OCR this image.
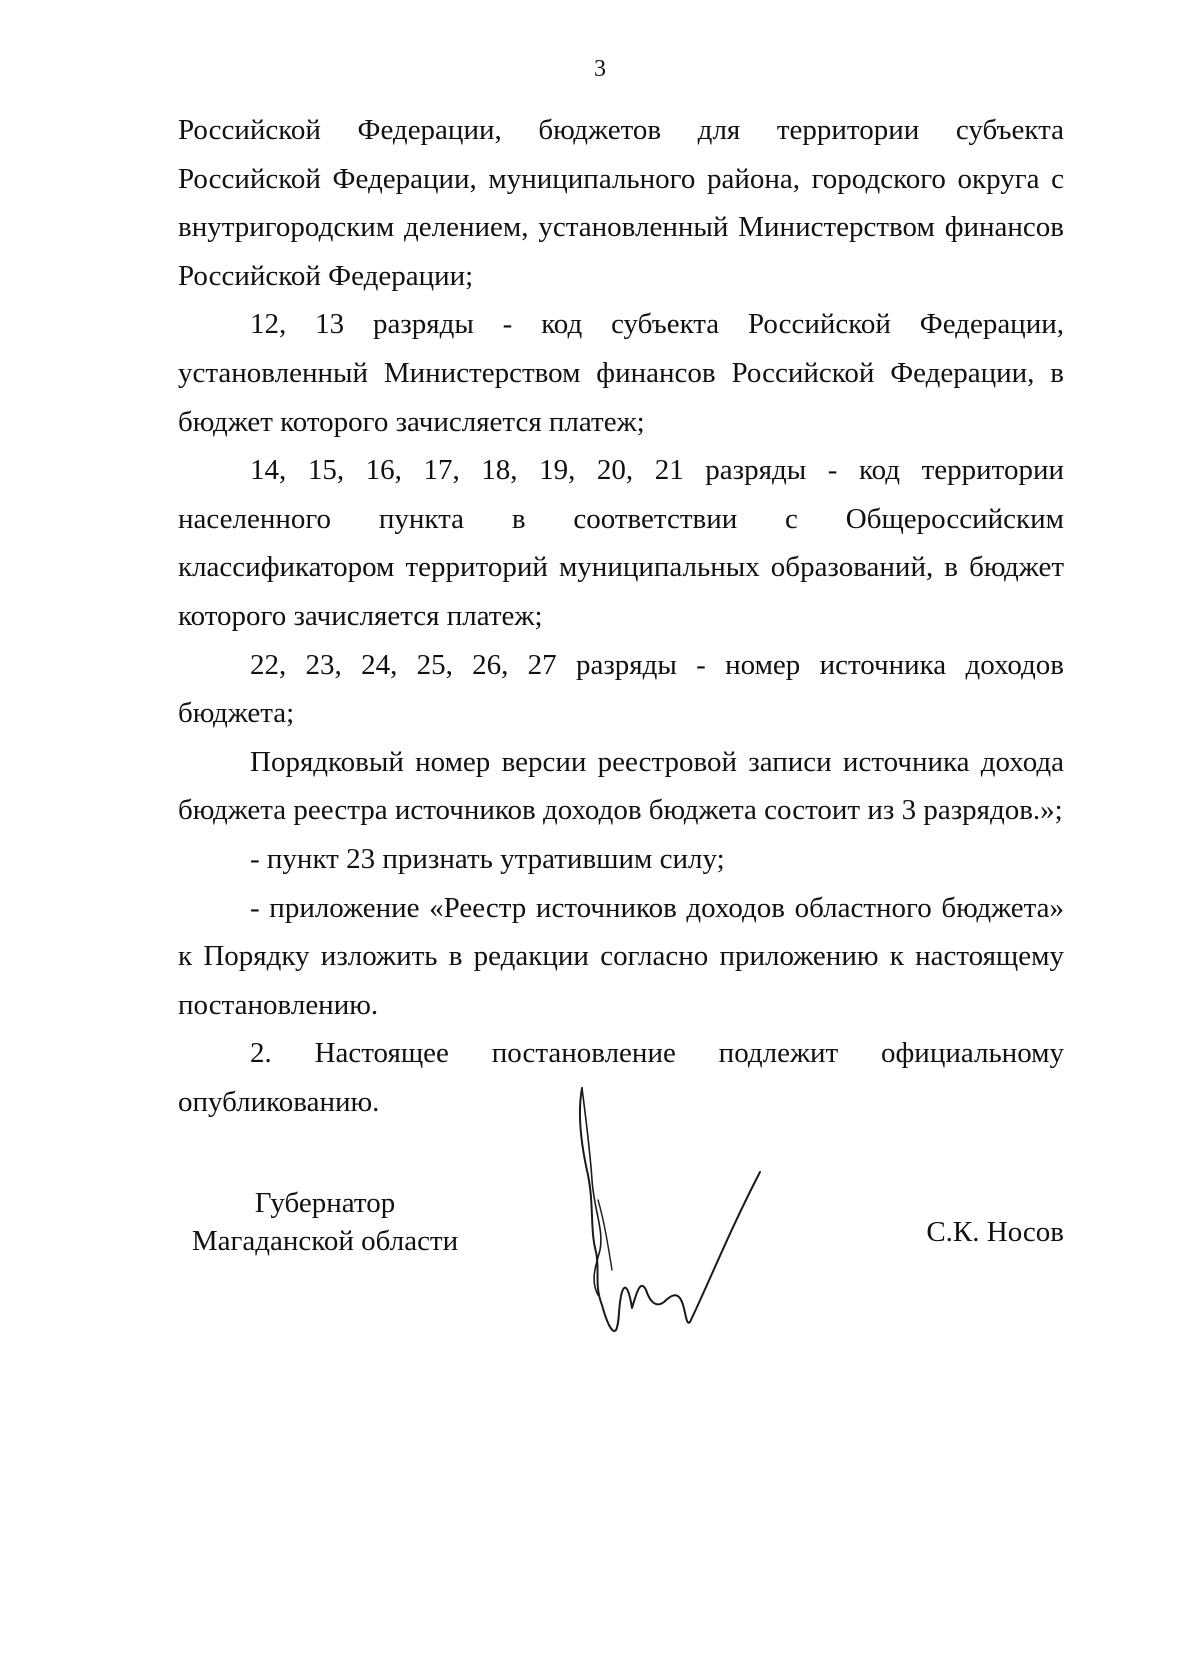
3

Российской Федерации, бюджетов для территории субъекта Российской Федерации, муниципального района, городского округа с внутригородским делением, установленный Министерством финансов Российской Федерации;

12, 13 разряды - код субъекта Российской Федерации, установленный Министерством финансов Российской Федерации, в бюджет которого зачисляется платеж;

14, 15, 16, 17, 18, 19, 20, 21 разряды - код территории населенного пункта в соответствии с Общероссийским классификатором территорий муниципальных образований, в бюджет которого зачисляется платеж;

22, 23, 24, 25, 26, 27 разряды - номер источника доходов бюджета;

Порядковый номер версии реестровой записи источника дохода бюджета реестра источников доходов бюджета состоит из 3 разрядов.»;

- пункт 23 признать утратившим силу;

- приложение «Реестр источников доходов областного бюджета» к Порядку изложить в редакции согласно приложению к настоящему постановлению.

2. Настоящее постановление подлежит официальному опубликованию.

Губернатор
Магаданской области	С.К. Носов
